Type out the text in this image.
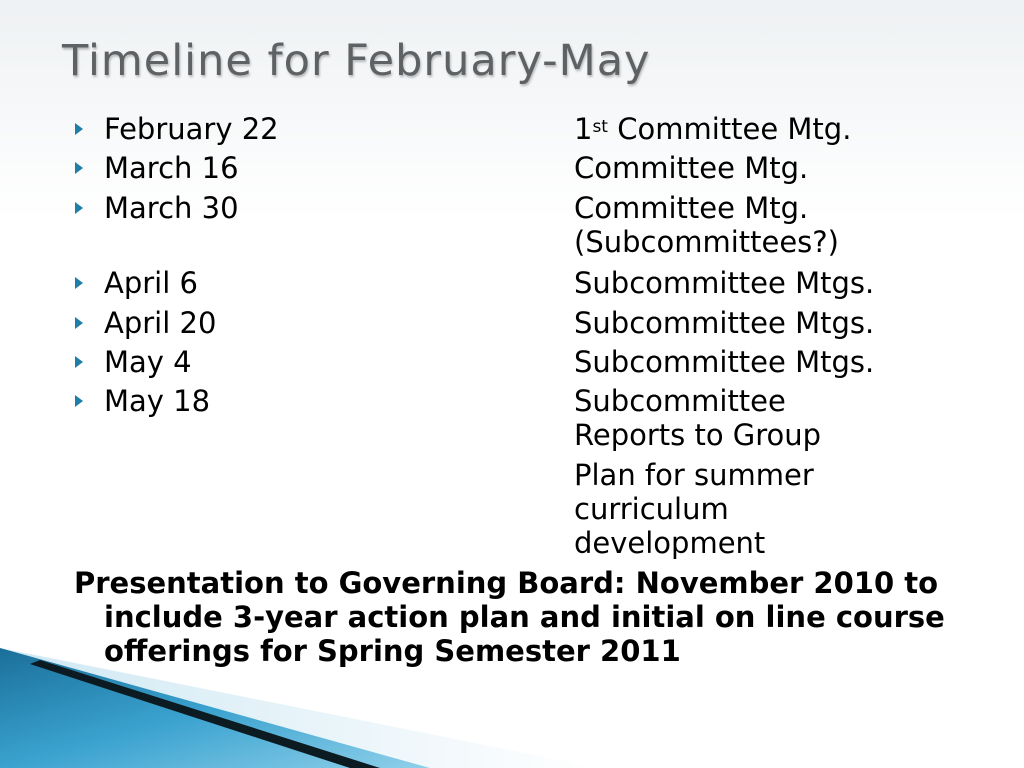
Timeline for February-May
February 22	1st Committee Mtg.
March 16	Committee Mtg.
March 30	Committee Mtg. (Subcommittees?)
April 6	Subcommittee Mtgs.
April 20	Subcommittee Mtgs.
May 4	Subcommittee Mtgs.
May 18	Subcommittee Reports to Group
Plan for summer curriculum development
Presentation to Governing Board: November 2010 to include 3-year action plan and initial on line course offerings for Spring Semester 2011
